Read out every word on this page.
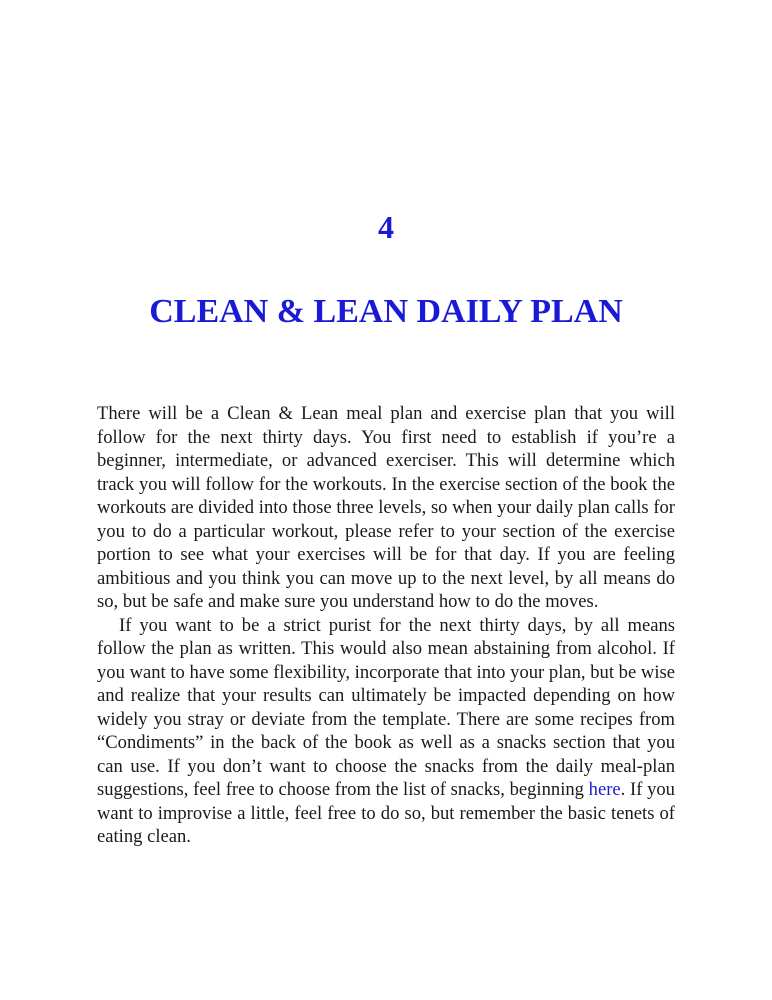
4
CLEAN & LEAN DAILY PLAN

There will be a Clean & Lean meal plan and exercise plan that you will follow for the next thirty days. You first need to establish if you’re a beginner, intermediate, or advanced exerciser. This will determine which track you will follow for the workouts. In the exercise section of the book the workouts are divided into those three levels, so when your daily plan calls for you to do a particular workout, please refer to your section of the exercise portion to see what your exercises will be for that day. If you are feeling ambitious and you think you can move up to the next level, by all means do so, but be safe and make sure you understand how to do the moves.

If you want to be a strict purist for the next thirty days, by all means follow the plan as written. This would also mean abstaining from alcohol. If you want to have some flexibility, incorporate that into your plan, but be wise and realize that your results can ultimately be impacted depending on how widely you stray or deviate from the template. There are some recipes from “Condiments” in the back of the book as well as a snacks section that you can use. If you don’t want to choose the snacks from the daily meal-plan suggestions, feel free to choose from the list of snacks, beginning here. If you want to improvise a little, feel free to do so, but remember the basic tenets of eating clean.
